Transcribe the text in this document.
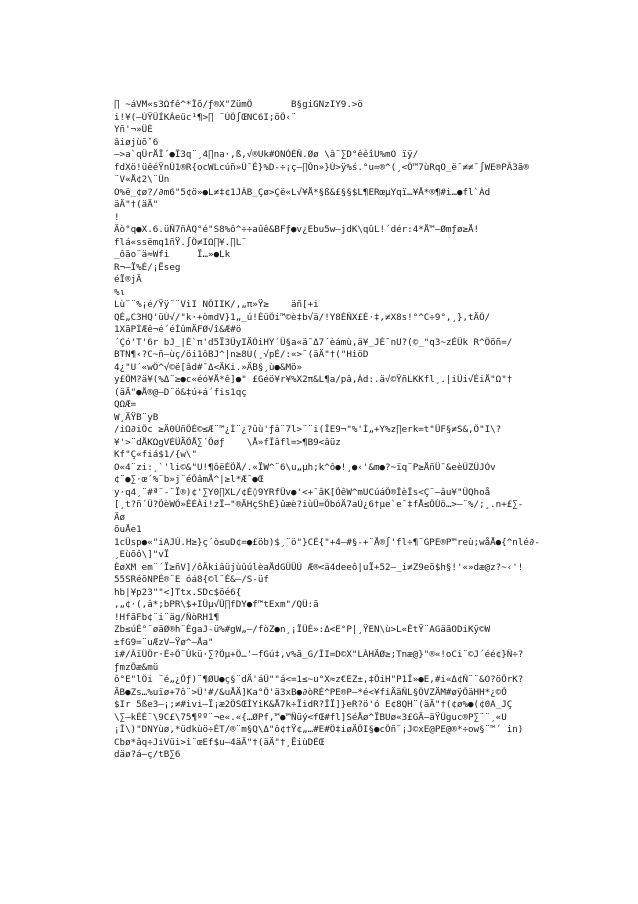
∏ ~áVM«s3Ωfê^*Îõ/ƒ®X"ZümÖ       B§giGNzIY9.>ö
i!¥(–ÙŸÛÍKÁeüc¹¶>∏ ¨ÚÖ∫ŒNC6I;õÕ‹¨
Yñ'¬»ÛÈ
âiøjùõˇ6
–>a`qÛrÅÎ´●Î3q¨¸4∏na·,ß,√®Uk#ONÓÉÑ.Øø \â˜∑D°êêîU%mO ïÿ/
fdXö!üêéŸnÙ1®R{ocWLcúñ»Ú¯É}%D-÷¡ç–∏Õn»}Ù>ÿ%ś.°u=®^(¸<Ö™7ùRqO_ë¯≠≠¯∫WE®PÃ3ã®
¨V«Å¢2\¨Ün
O%ë_¢ø?/∂m6"5¢ö»●L≠‡¢1JÀB_Çø>Çë«L√¥Å*§ß&£§§$L¶ERœµYqï…¥Å*®¶#i…●fl`Àd
äÄ"†(äÄ"
!
Äò°q●X.6.üÑ7ñÁQ°é"S8%ô^÷÷aûê&BFƒ●v¿Ebu5w–jdK\qûL!´dér:4*Å™–Ømƒø≥Å!
flá«ssëmq1ñŸ.∫Ö≠IΩ∏¥.∏L¨
_ôão¨ä≈Wfi     Ï…»●Lk
R¬–Ï%É/¡Ëseg
éÏ®jÄ
%ι
Lù¨¨%¡é/Ÿÿ¨¨ViI NÕIIK/,„π»Ÿ≥    äñ[+i
QÈ„C3HQ'üÙ√/"k·+òmdV}1„_ú!ÉüÖi™©è‡b√ä/!Y8ÉÑX£É·‡,≠X8s!°^C÷9°,¸},tÄÖ/
1XãPÌÆê¬é´éÍûmÄFØ√î&Æ#ö
´Çó'T'6r bJ_|É`π'd5Ï3ÜyIÄÒiHY´Ü§a«ä¯Δ7´èámù,ä¥_JÉ¯nU?(©_"q3~zÉÜk R^Öõñ=/
BTN¶‹?C~ñ–ùç/öi1ôBJ^|n≥8U(¸√pÉ/:«>¨(äÄ"†("HiöD
4¿"U´«wÖ^√©ë[âd#¯Δ<ÄKi.»ÄB§¸ù●&Mö»
y£ÖM?ä¥(%Δ¨≥●c«éó¥Å*ê]●" £Géö¥r¥%X2π&L¶a/pâ,Àd:.ä√©ŸñLKKfl¸.|iÜi√ÉiÅ"Ω"†
(äÄ"●Å®@–D¨ö&‡ú+á´fis1qç
QΩÆ=
W¸ÄŸB¨yB
/iΩ∂iÔc ≥Ä0ÙñÕÉ©≤Æ¨™¿Ì¨¿?ûù'ƒâ¨7l>¨¨i(ÎE9¬"%'Ì„+Y%z∏erk=t"ÜF§≠S&,Ö"I\?
¥'>¨dÅKΩgVÉÜÄÕÅ∑´Õøƒ    \Å»fÎâfl=>¶B9<âüz
Kf"Ç«fiá$1/{w\"
O«4¨zi:¸`'li©&"U!¶ôëÉÕÅ/.«ÏW^¨6\u„µh;k^ô●!¸●‹'&m●?~ïq¨P≥ÅñÜ¯&eèÜZÜJÒv
¢¨●∑·œ´%¨b»j¨éÕâmÅ^|≥l*Æ¯●Œ
y·q4¸¨#ª¨-¨Ï®)¢'∑Y0∏XL/¢É◊9YRfÛv●'<+¯âK[ÕêW^mUCúáÕ®ÎèÎs<Ç¨–âu¥"ÜQhoå
[¸t?ñ´Ü?ÕèWÖ»ÉÉÀi!zÏ–"®ÄHçShÉ}ûæè?iùÜ=ÕbóÄ7aÙ¿6†µe`e¯‡fÅ≤ŐÚö…>–¨%/;¸.n+£∑-
Äø
õuÅe1
1cÜsp●«"iAJÚ.H≥}ç´ò≤uD¢=●£öb)$¸¨ö"}CÉ{"+4–#§-+¨Å®∫'fl÷¶¨GPE®P™reù;wåÅ●{^nlé∂-
¸Eùõô\]"vÏ
ÈøXM em¨´Ï≥ñV]/ôÄkiâüjùûúlèaÅdGÛÜÙ Æ®<ä4deeô|uÏ+52–_i≠Z9eõ$h§!'«»dæ@z?~‹'!
55SRéõNPÉ®¨E óá8{©l¨É&–/S-üf
hb|¥p23""<]Ttx.SDc$öé6{
,„¢·(,â*;bPR\$+IÛµ√Û∏fDY●f™tExm"/QÜ:ã
!HfãFb¢¨i¨äg/ÑòRH1¶
Zb≤úÉ°¨øãØ®h¨ÈgaJ-ü%#gW„–/fòZ●n¸¡ÏÜÉ»:Δ<E°P|¸ŸEN\ù>L«ÊtŸ¨AGäãODiKÿ©W
±fG9=¨uÆzV–Ÿø^–Åa"
i#/ÃïÜÖr·É÷Ö¨Ùkü·∑?Õµ+Ö…'–fGú‡,v%ã_G/ÎI=D©X"LÀHÄØ≥;Tnæ@}"®«!oCi¨©J´éé¢}Ñ÷?
ƒmzÕæ&mü
ô°E"lÖi ¨é„¿Õƒ)¨¶ØU●ç§¨dÄ'áÜ""á<=1≤~u°X≈z€EZ±,‡ÕiH"P1Î»●E,#i«Δ¢Ñ¨¨&O?öÕrK?
ÄB●Zs…%uïø+7ô¨>Ü'#/&uÅÄ]Ka°Ö'ä3xB●∂òRÉ^PE®P–*é<¥fiÄäÑL§ÖVZÄM#øÿÕäHH*¿©Õ
$Ir 5ße3–¡;≠#ivi–Ï¡æ2ÕSŒÍYiK&Å7k÷ÏidR?ÎÏ]}eR?ö'ó E¢8QH¨(äÄ"†(¢ø%●(¢0A_JÇ
\∑–kÉÉ¨\9C£\75¶ºº¨¬e«.«{…ØPf,™●™Ñüý<fŒ#fl]SéÅø^ÏBUø«3£GÄ–äŸÜguc®P∑¨¨¸«U
¡Î\)"DNYùø,*üdkùö÷ÉT/®¨m§Q\Δ"ô¢†Ÿ¢„…#E#Ö‡iøÄÕI§●cÕñ¨¡J©xE@PE@®*÷ow§¨™´ in)
Cbø*âq÷JiVüi>i¨œEf$u–4äÄ"†(äÄ"†¸ËiùDÉŒ
däø?á–ç/tB∑6
